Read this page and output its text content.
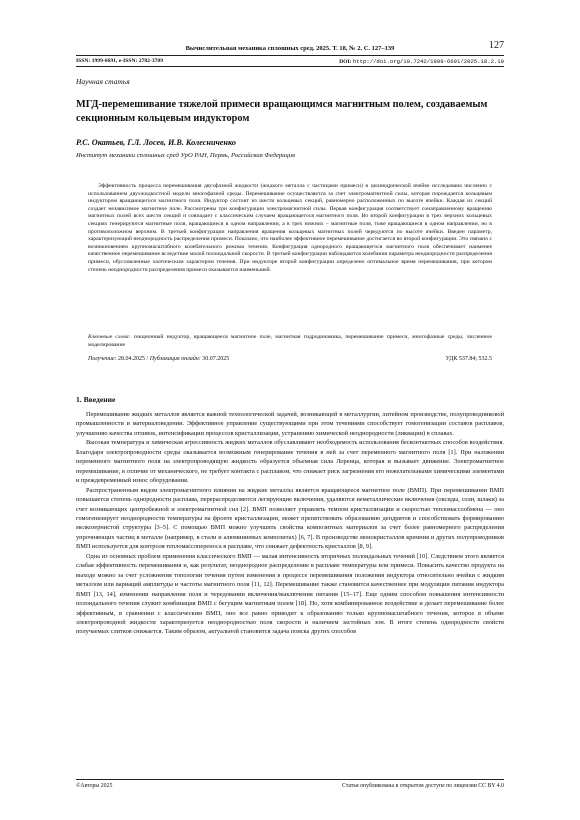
Вычислительная механика сплошных сред. 2025. Т. 18, № 2. С. 127–139	127
ISSN: 1999-6691, e-ISSN: 2782-3709	DOI: http://doi.org/10.7242/1999-6691/2025.18.2.10
Научная статья
МГД-перемешивание тяжелой примеси вращающимся магнитным полем, создаваемым секционным кольцевым индуктором
Р.С. Окатьев, Г.Л. Лосев, И.В. Колесниченко
Институт механики сплошных сред УрО РАН, Пермь, Российская Федерация
Эффективность процесса перемешивания двухфазной жидкости (жидкого металла с частицами примеси) в цилиндрической ячейке исследована численно с использованием двухжидкостной модели многофазной среды. Перемешивание осуществляется за счет электромагнитной силы, которая порождается кольцевым индуктором вращающегося магнитного поля. Индуктор состоит из шести кольцевых секций, равномерно расположенных по высоте ячейки. Каждая из секций создает независимое магнитное поле. Рассмотрены три конфигурации электромагнитной силы. Первая конфигурация соответствует сонаправленному вращению магнитных полей всех шести секций и совпадает с классическим случаем вращающегося магнитного поля. Во второй конфигурации в трех верхних кольцевых секциях генерируются магнитные поля, вращающиеся в одном направлении, а в трех нижних – магнитные поля, тоже вращающиеся в одном направлении, но в противоположном верхним. В третьей конфигурации направления вращения кольцевых магнитных полей чередуются по высоте ячейки. Введен параметр, характеризующий неоднородность распределения примеси. Показано, что наиболее эффективное перемешивание достигается во второй конфигурации. Это связано с возникновением крупномасштабного колебательного режима течения. Конфигурация однородного вращающегося магнитного поля обеспечивает наименее качественное перемешивание вследствие малой полоидальной скорости. В третьей конфигурации наблюдаются колебания параметра неоднородности распределения примеси, обусловленные хаотическим характером течения. При индукторе второй конфигурации определено оптимальное время перемешивания, при котором степень неоднородности распределения примеси оказывается наименьшей.
Ключевые слова: секционный индуктор, вращающееся магнитное поле, магнитная гидродинамика, перемешивание примеси, многофазные среды, численное моделирование
Получение: 28.04.2025 / Публикация онлайн: 30.07.2025	УДК 537.84; 532.5
1. Введение

Перемешивание жидких металлов является важной технологической задачей, возникающей в металлургии, литейном производстве, полупроводниковой промышленности и материаловедении. Эффективное управление существующими при этом течениями способствует гомогенизации составов расплавов, улучшению качества отливок, интенсификации процессов кристаллизации, устранению химической неоднородности (ликвации) в сплавах.

Высокая температура и химическая агрессивность жидких металлов обуславливают необходимость использования бесконтактных способов воздействия. Благодаря электропроводности среды оказывается возможным генерирование течения в ней за счет переменного магнитного поля [1]. При наложении переменного магнитного поля на электропроводящую жидкость образуется объемная сила Лоренца, которая и вызывает движение. Электромагнитное перемешивание, в отличие от механического, не требует контакта с расплавом, что снижает риск загрязнения его нежелательными химическими элементами и преждевременный износ оборудования.

Распространенным видом электромагнитного влияния на жидкие металлы является вращающееся магнитное поле (ВМП). При перемешивании ВМП повышается степень однородности расплава, перераспределяются легирующие включения, удаляются неметаллические включения (оксиды, соли, шлаки) за счет возникающих центробежной и электромагнитной сил [2]. ВМП позволяет управлять темпом кристаллизации и скоростью тепломассообмена — оно гомогенизирует неоднородности температуры на фронте кристаллизации, может препятствовать образованию дендритов и способствовать формированию мелкозернистой структуры [3–5]. С помощью ВМП можно улучшить свойства композитных материалов за счет более равномерного распределения упрочняющих частиц в металле (например, в стали и алюминиевых композитах) [6, 7]. В производстве монокристаллов кремния и других полупроводников ВМП используется для контроля тепломассопереноса в расплаве, что снижает дефектность кристаллов [8, 9].

Одна из основных проблем применения классического ВМП — малая интенсивность вторичных полоидальных течений [10]. Следствием этого является слабая эффективность перемешивания и, как результат, неоднородное распределение в расплаве температуры или примеси. Повысить качество продукта на выходе можно за счет усложнения топологии течения путем изменения в процессе перемешивания положения индуктора относительно ячейки с жидким металлом или вариаций амплитуды и частоты магнитного поля [11, 12]. Перемешивание также становится качественнее при модуляции питания индуктора ВМП [13, 14], изменении направления поля и чередовании включения/выключения питания [15–17]. Еще одним способом повышения интенсивности полоидального течения служит комбинация ВМП с бегущим магнитным полем [18]. Но, хотя комбинированное воздействие и делает перемешивание более эффективным, в сравнении с классическим ВМП, оно все равно приводит к образованию только крупномасштабного течения, которое в объеме электропроводной жидкости характеризуется неоднородностью поля скорости и наличием застойных зон. В итоге степень однородности свойств получаемых слитков снижается. Таким образом, актуальной становится задача поиска других способов

©Авторы 2025	Статья опубликована в открытом доступе по лицензии CC BY 4.0
